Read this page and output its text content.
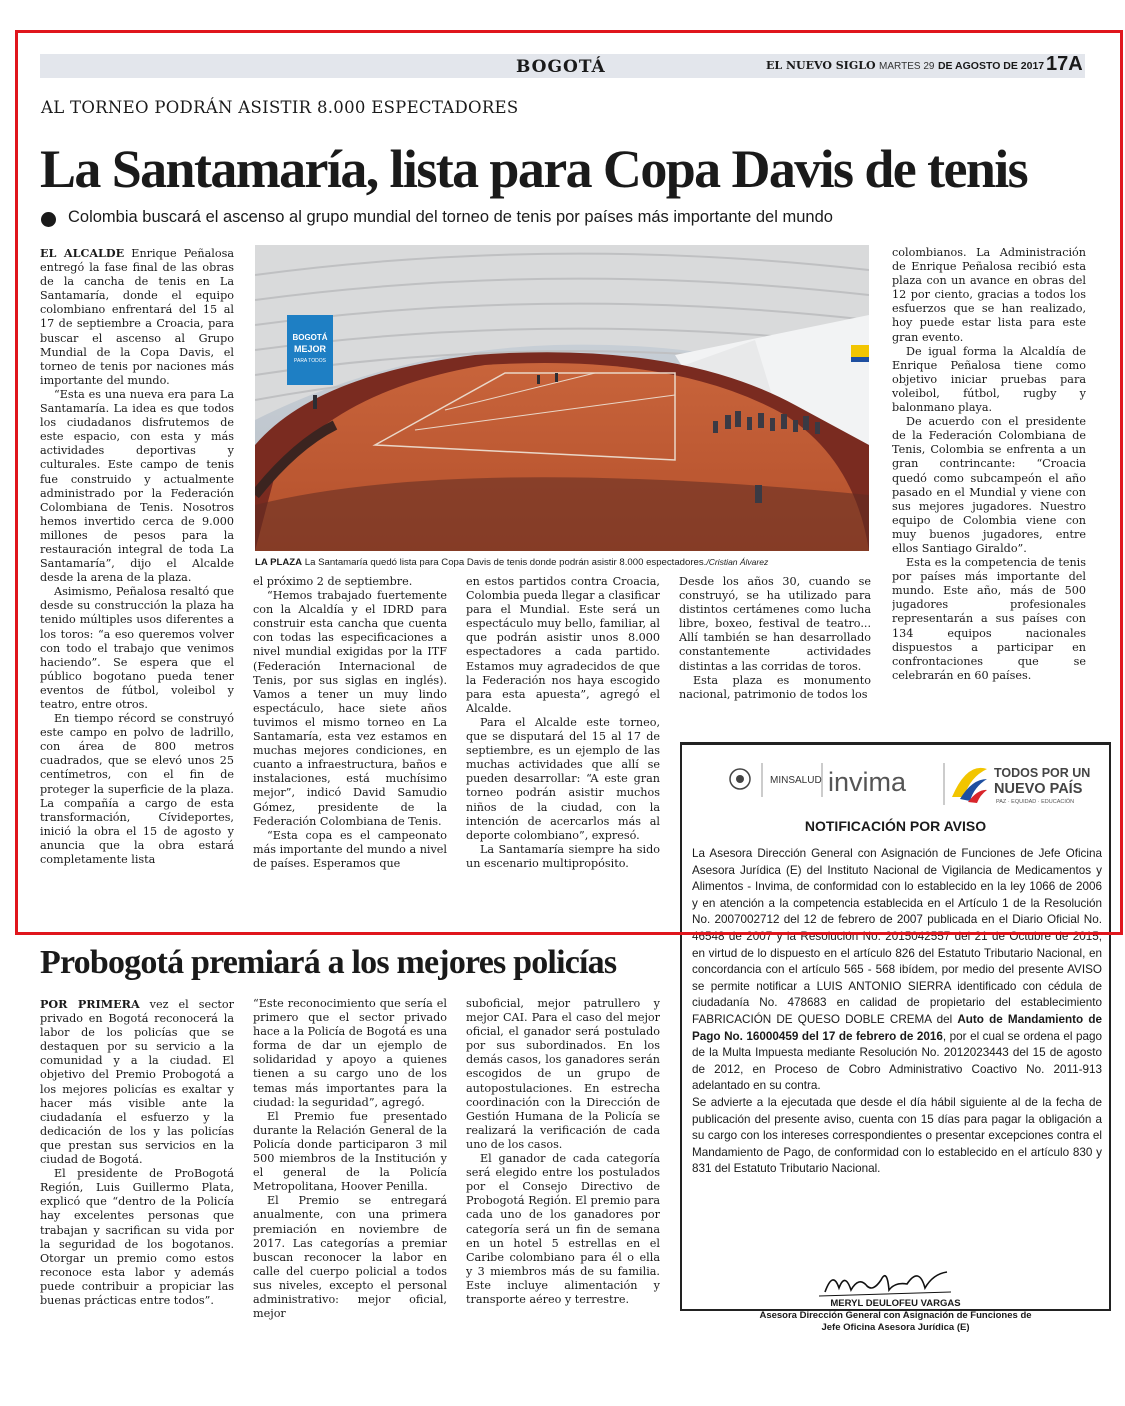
BOGOTÁ	EL NUEVO SIGLO MARTES 29 DE AGOSTO DE 2017 17A
AL TORNEO PODRÁN ASISTIR 8.000 ESPECTADORES
La Santamaría, lista para Copa Davis de tenis
Colombia buscará el ascenso al grupo mundial del torneo de tenis por países más importante del mundo

EL ALCALDE Enrique Peñalosa entregó la fase final de las obras de la cancha de tenis en La Santamaría, donde el equipo colombiano enfrentará del 15 al 17 de septiembre a Croacia, para buscar el ascenso al Grupo Mundial de la Copa Davis, el torneo de tenis por naciones más importante del mundo.

“Esta es una nueva era para La Santamaría. La idea es que todos los ciudadanos disfrutemos de este espacio, con esta y más actividades deportivas y culturales. Este campo de tenis fue construido y actualmente administrado por la Federación Colombiana de Tenis. Nosotros hemos invertido cerca de 9.000 millones de pesos para la restauración integral de toda La Santamaría”, dijo el Alcalde desde la arena de la plaza.

Asimismo, Peñalosa resaltó que desde su construcción la plaza ha tenido múltiples usos diferentes a los toros: “a eso queremos volver con todo el trabajo que venimos haciendo”. Se espera que el público bogotano pueda tener eventos de fútbol, voleibol y teatro, entre otros.

En tiempo récord se construyó este campo en polvo de ladrillo, con área de 800 metros cuadrados, que se elevó unos 25 centímetros, con el fin de proteger la superficie de la plaza. La compañía a cargo de esta transformación, Cívideportes, inició la obra el 15 de agosto y anuncia que la obra estará completamente lista

BOGOTÁ
MEJOR
PARA TODOS
LA PLAZA La Santamaría quedó lista para Copa Davis de tenis donde podrán asistir 8.000 espectadores./Cristian Álvarez

el próximo 2 de septiembre.

“Hemos trabajado fuertemente con la Alcaldía y el IDRD para construir esta cancha que cuenta con todas las especificaciones a nivel mundial exigidas por la ITF (Federación Internacional de Tenis, por sus siglas en inglés). Vamos a tener un muy lindo espectáculo, hace siete años tuvimos el mismo torneo en La Santamaría, esta vez estamos en muchas mejores condiciones, en cuanto a infraestructura, baños e instalaciones, está muchísimo mejor”, indicó David Samudio Gómez, presidente de la Federación Colombiana de Tenis.

“Esta copa es el campeonato más importante del mundo a nivel de países. Esperamos que

en estos partidos contra Croacia, Colombia pueda llegar a clasificar para el Mundial. Este será un espectáculo muy bello, familiar, al que podrán asistir unos 8.000 espectadores a cada partido. Estamos muy agradecidos de que la Federación nos haya escogido para esta apuesta”, agregó el Alcalde.

Para el Alcalde este torneo, que se disputará del 15 al 17 de septiembre, es un ejemplo de las muchas actividades que allí se pueden desarrollar: “A este gran torneo podrán asistir muchos niños de la ciudad, con la intención de acercarlos más al deporte colombiano”, expresó.

La Santamaría siempre ha sido un escenario multipropósito.

Desde los años 30, cuando se construyó, se ha utilizado para distintos certámenes como lucha libre, boxeo, festival de teatro... Allí también se han desarrollado constantemente actividades distintas a las corridas de toros.

Esta plaza es monumento nacional, patrimonio de todos los

colombianos. La Administración de Enrique Peñalosa recibió esta plaza con un avance en obras del 12 por ciento, gracias a todos los esfuerzos que se han realizado, hoy puede estar lista para este gran evento.

De igual forma la Alcaldía de Enrique Peñalosa tiene como objetivo iniciar pruebas para voleibol, fútbol, rugby y balonmano playa.

De acuerdo con el presidente de la Federación Colombiana de Tenis, Colombia se enfrenta a un gran contrincante: “Croacia quedó como subcampeón el año pasado en el Mundial y viene con sus mejores jugadores. Nuestro equipo de Colombia viene con muy buenos jugadores, entre ellos Santiago Giraldo”.

Esta es la competencia de tenis por países más importante del mundo. Este año, más de 500 jugadores profesionales representarán a sus países con 134 equipos nacionales dispuestos a participar en confrontaciones que se celebrarán en 60 países.

MINSALUD invima	TODOS POR UN
NUEVO PAÍS
PAZ · EQUIDAD · EDUCACIÓN
NOTIFICACIÓN POR AVISO

La Asesora Dirección General con Asignación de Funciones de Jefe Oficina Asesora Jurídica (E) del Instituto Nacional de Vigilancia de Medicamentos y Alimentos - Invima, de conformidad con lo establecido en la ley 1066 de 2006 y en atención a la competencia establecida en el Artículo 1 de la Resolución No. 2007002712 del 12 de febrero de 2007 publicada en el Diario Oficial No. 46548 de 2007 y la Resolución No. 2015042557 del 21 de Octubre de 2015, en virtud de lo dispuesto en el artículo 826 del Estatuto Tributario Nacional, en concordancia con el artículo 565 - 568 ibídem, por medio del presente AVISO se permite notificar a LUIS ANTONIO SIERRA identificado con cédula de ciudadanía No. 478683 en calidad de propietario del establecimiento FABRICACIÓN DE QUESO DOBLE CREMA del Auto de Mandamiento de Pago No. 16000459 del 17 de febrero de 2016, por el cual se ordena el pago de la Multa Impuesta mediante Resolución No. 2012023443 del 15 de agosto de 2012, en Proceso de Cobro Administrativo Coactivo No. 2011-913 adelantado en su contra.

Se advierte a la ejecutada que desde el día hábil siguiente al de la fecha de publicación del presente aviso, cuenta con 15 días para pagar la obligación a su cargo con los intereses correspondientes o presentar excepciones contra el Mandamiento de Pago, de conformidad con lo establecido en el artículo 830 y 831 del Estatuto Tributario Nacional.

MERYL DEULOFEU VARGAS
Asesora Dirección General con Asignación de Funciones de
Jefe Oficina Asesora Jurídica (E)
Probogotá premiará a los mejores policías

POR PRIMERA vez el sector privado en Bogotá reconocerá la labor de los policías que se destaquen por su servicio a la comunidad y a la ciudad. El objetivo del Premio Probogotá a los mejores policías es exaltar y hacer más visible ante la ciudadanía el esfuerzo y la dedicación de los y las policías que prestan sus servicios en la ciudad de Bogotá.

El presidente de ProBogotá Región, Luis Guillermo Plata, explicó que “dentro de la Policía hay excelentes personas que trabajan y sacrifican su vida por la seguridad de los bogotanos. Otorgar un premio como estos reconoce esta labor y además puede contribuir a propiciar las buenas prácticas entre todos”.

“Este reconocimiento que sería el primero que el sector privado hace a la Policía de Bogotá es una forma de dar un ejemplo de solidaridad y apoyo a quienes tienen a su cargo uno de los temas más importantes para la ciudad: la seguridad”, agregó.

El Premio fue presentado durante la Relación General de la Policía donde participaron 3 mil 500 miembros de la Institución y el general de la Policía Metropolitana, Hoover Penilla.

El Premio se entregará anualmente, con una primera premiación en noviembre de 2017. Las categorías a premiar buscan reconocer la labor en calle del cuerpo policial a todos sus niveles, excepto el personal administrativo: mejor oficial, mejor

suboficial, mejor patrullero y mejor CAI. Para el caso del mejor oficial, el ganador será postulado por sus subordinados. En los demás casos, los ganadores serán escogidos de un grupo de autopostulaciones. En estrecha coordinación con la Dirección de Gestión Humana de la Policía se realizará la verificación de cada uno de los casos.

El ganador de cada categoría será elegido entre los postulados por el Consejo Directivo de Probogotá Región. El premio para cada uno de los ganadores por categoría será un fin de semana en un hotel 5 estrellas en el Caribe colombiano para él o ella y 3 miembros más de su familia. Este incluye alimentación y transporte aéreo y terrestre.
